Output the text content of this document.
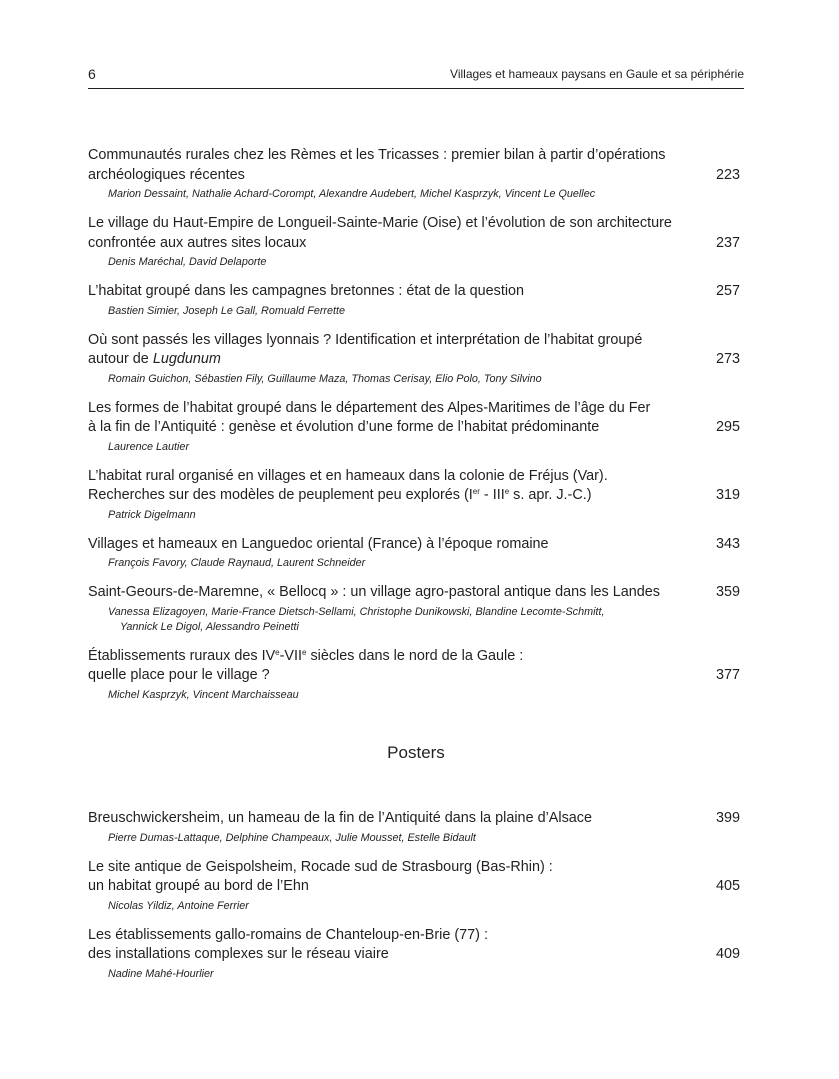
6	Villages et hameaux paysans en Gaule et sa périphérie
Communautés rurales chez les Rèmes et les Tricasses : premier bilan à partir d’opérations
archéologiques récentes
Marion Dessaint, Nathalie Achard-Corompt, Alexandre Audebert, Michel Kasprzyk, Vincent Le Quellec
223
Le village du Haut-Empire de Longueil-Sainte-Marie (Oise) et l’évolution de son architecture
confrontée aux autres sites locaux
Denis Maréchal, David Delaporte
237
L’habitat groupé dans les campagnes bretonnes : état de la question
Bastien Simier, Joseph Le Gall, Romuald Ferrette
257
Où sont passés les villages lyonnais ? Identification et interprétation de l’habitat groupé
autour de Lugdunum
Romain Guichon, Sébastien Fily, Guillaume Maza, Thomas Cerisay, Elio Polo, Tony Silvino
273
Les formes de l’habitat groupé dans le département des Alpes-Maritimes de l’âge du Fer
à la fin de l’Antiquité : genèse et évolution d’une forme de l’habitat prédominante
Laurence Lautier
295
L’habitat rural organisé en villages et en hameaux dans la colonie de Fréjus (Var).
Recherches sur des modèles de peuplement peu explorés (Ier - IIIe s. apr. J.-C.)
Patrick Digelmann
319
Villages et hameaux en Languedoc oriental (France) à l’époque romaine
François Favory, Claude Raynaud, Laurent Schneider
343
Saint-Geours-de-Maremne, « Bellocq » : un village agro-pastoral antique dans les Landes
Vanessa Elizagoyen, Marie-France Dietsch-Sellami, Christophe Dunikowski, Blandine Lecomte-Schmitt,
Yannick Le Digol, Alessandro Peinetti
359
Établissements ruraux des IVe-VIIe siècles dans le nord de la Gaule :
quelle place pour le village ?
Michel Kasprzyk, Vincent Marchaisseau
377
Posters
Breuschwickersheim, un hameau de la fin de l’Antiquité dans la plaine d’Alsace
Pierre Dumas-Lattaque, Delphine Champeaux, Julie Mousset, Estelle Bidault
399
Le site antique de Geispolsheim, Rocade sud de Strasbourg (Bas-Rhin) :
un habitat groupé au bord de l’Ehn
Nicolas Yildiz, Antoine Ferrier
405
Les établissements gallo-romains de Chanteloup-en-Brie (77) :
des installations complexes sur le réseau viaire
Nadine Mahé-Hourlier
409
